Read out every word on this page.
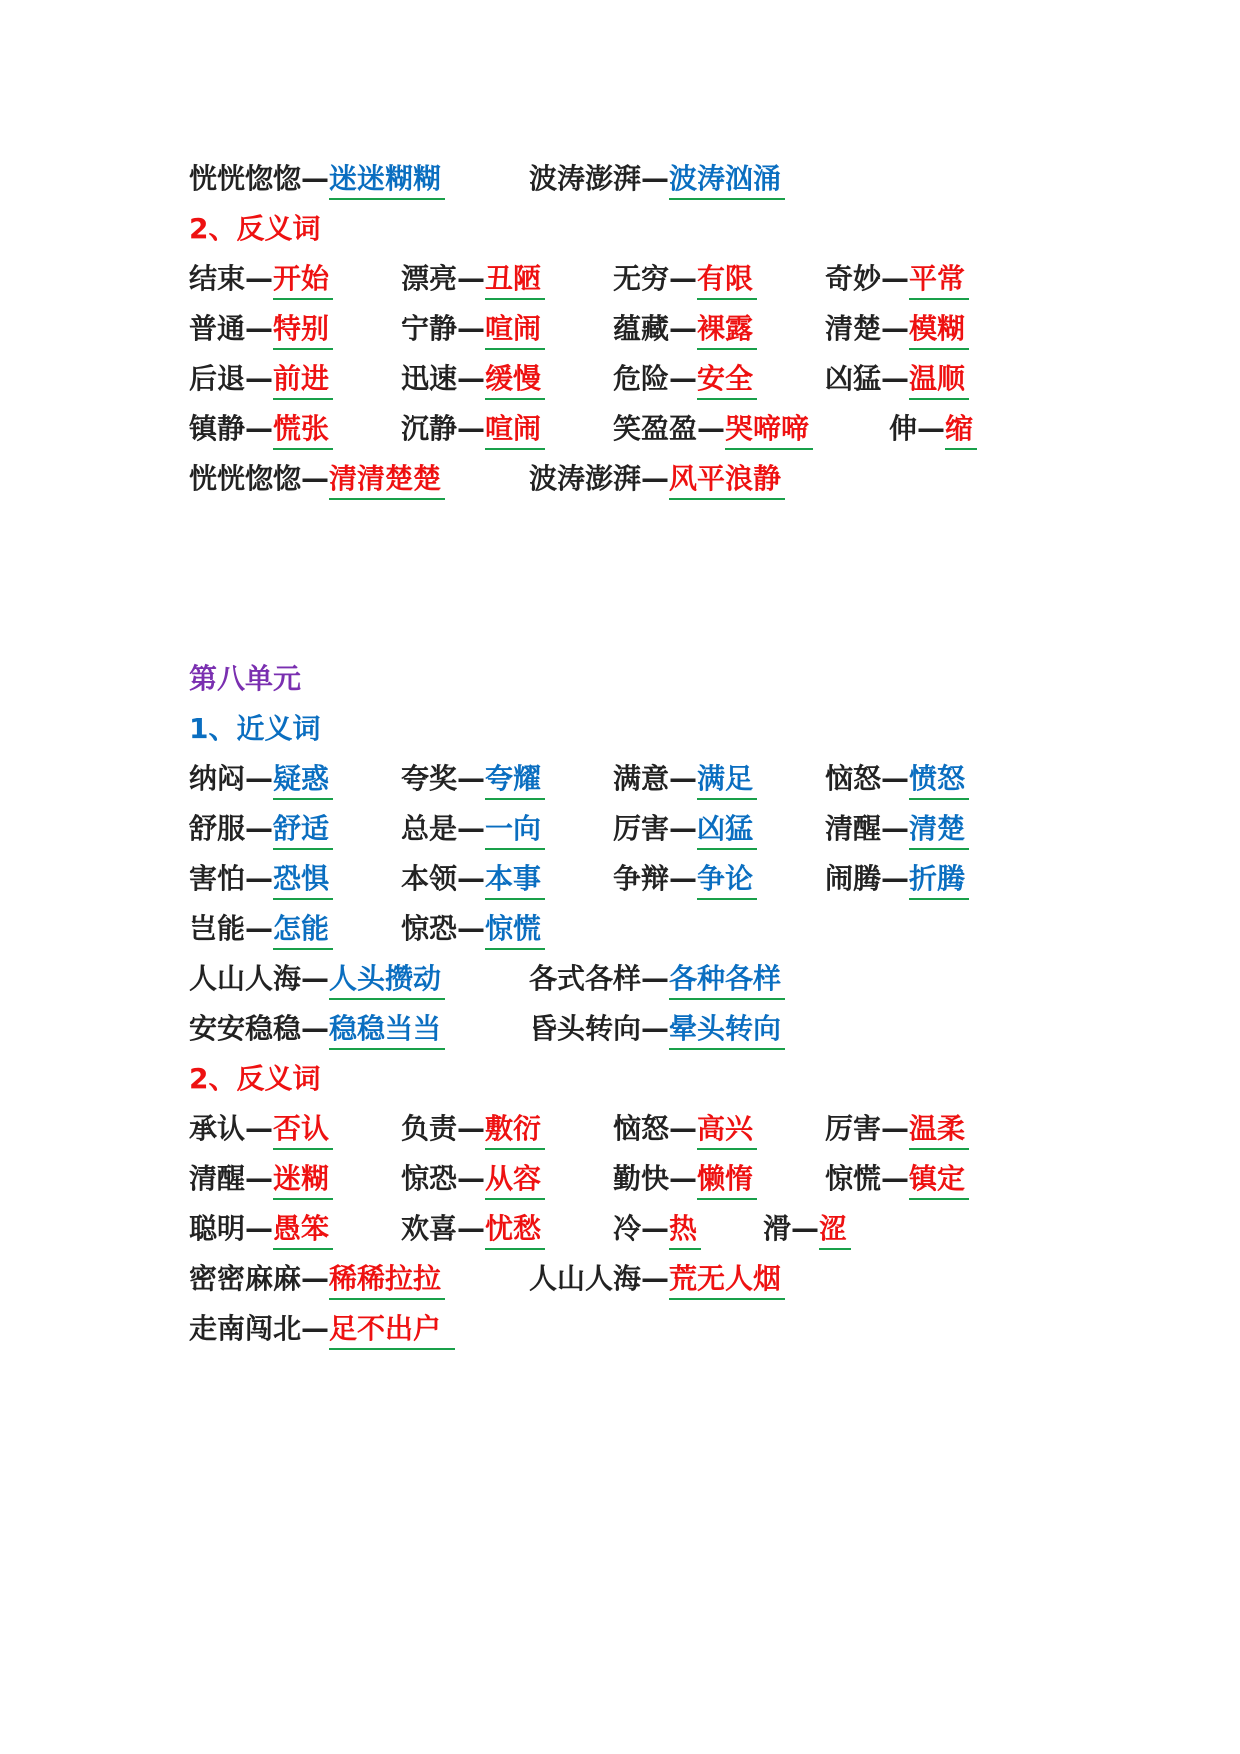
恍恍惚惚—迷迷糊糊	波涛澎湃—波涛汹涌
2、反义词
结束—开始	漂亮—丑陋	无穷—有限	奇妙—平常
普通—特别	宁静—喧闹	蕴藏—裸露	清楚—模糊
后退—前进	迅速—缓慢	危险—安全	凶猛—温顺
镇静—慌张	沉静—喧闹	笑盈盈—哭啼啼	伸—缩
恍恍惚惚—清清楚楚	波涛澎湃—风平浪静
第八单元
1、近义词
纳闷—疑惑	夸奖—夸耀	满意—满足	恼怒—愤怒
舒服—舒适	总是—一向	厉害—凶猛	清醒—清楚
害怕—恐惧	本领—本事	争辩—争论	闹腾—折腾
岂能—怎能	惊恐—惊慌
人山人海—人头攒动	各式各样—各种各样
安安稳稳—稳稳当当	昏头转向—晕头转向
2、反义词
承认—否认	负责—敷衍	恼怒—高兴	厉害—温柔
清醒—迷糊	惊恐—从容	勤快—懒惰	惊慌—镇定
聪明—愚笨	欢喜—忧愁	冷—热 滑—涩
密密麻麻—稀稀拉拉	人山人海—荒无人烟
走南闯北—足不出户
